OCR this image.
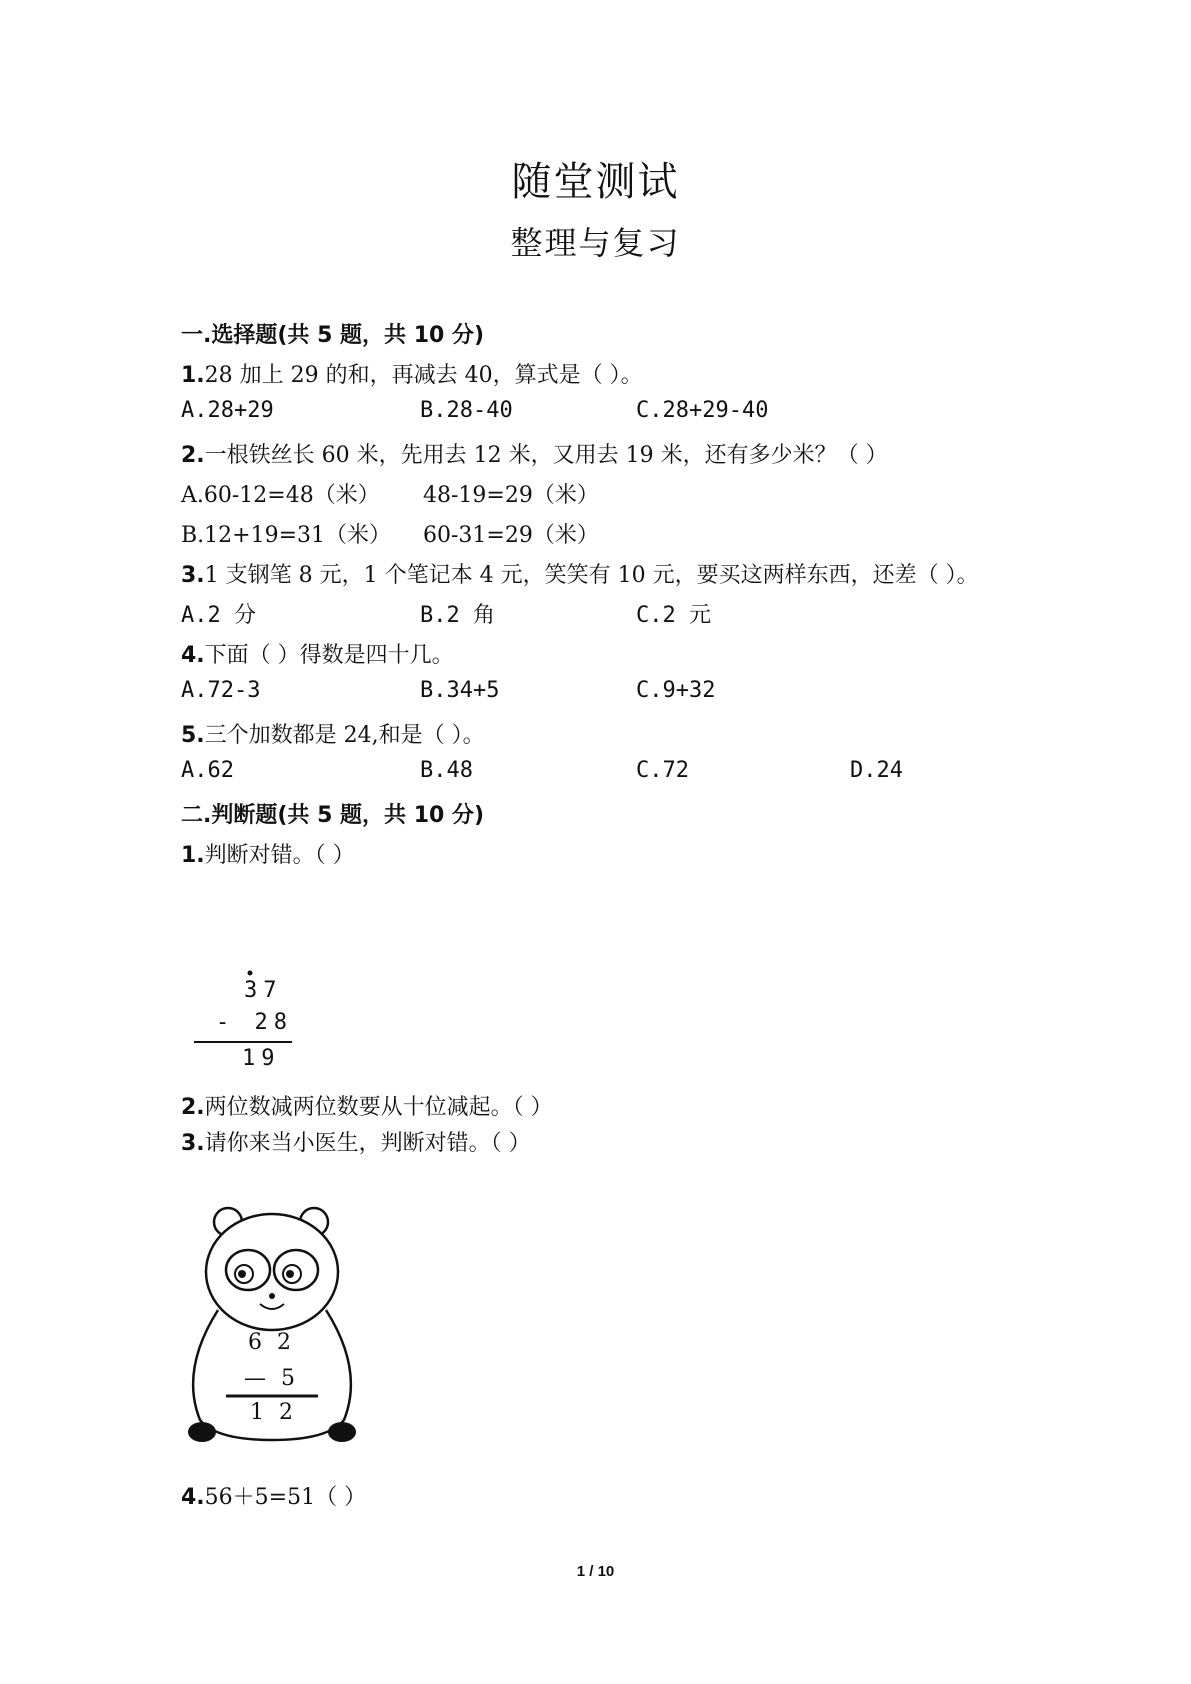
随堂测试
整理与复习
一.选择题(共 5 题，共 10 分)
1.28 加上 29 的和，再减去 40，算式是（ ）。
A.28+29	B.28-40	C.28+29-40
2.一根铁丝长 60 米，先用去 12 米，又用去 19 米，还有多少米？（ ）
A.60-12=48（米） 48-19=29（米）
B.12+19=31（米） 60-31=29（米）
3.1 支钢笔 8 元，1 个笔记本 4 元，笑笑有 10 元，要买这两样东西，还差（ ）。
A.2 分	B.2 角	C.2 元
4.下面（ ）得数是四十几。
A.72-3	B.34+5	C.9+32
5.三个加数都是 24,和是（ ）。
A.62	B.48	C.72	D.24
二.判断题(共 5 题，共 10 分)
1.判断对错。（ ）
37
- 28
19
2.两位数减两位数要从十位减起。（ ）
3.请你来当小医生，判断对错。（ ）
6 2
— 5
1 2
4.56＋5=51（ ）
1 / 10
